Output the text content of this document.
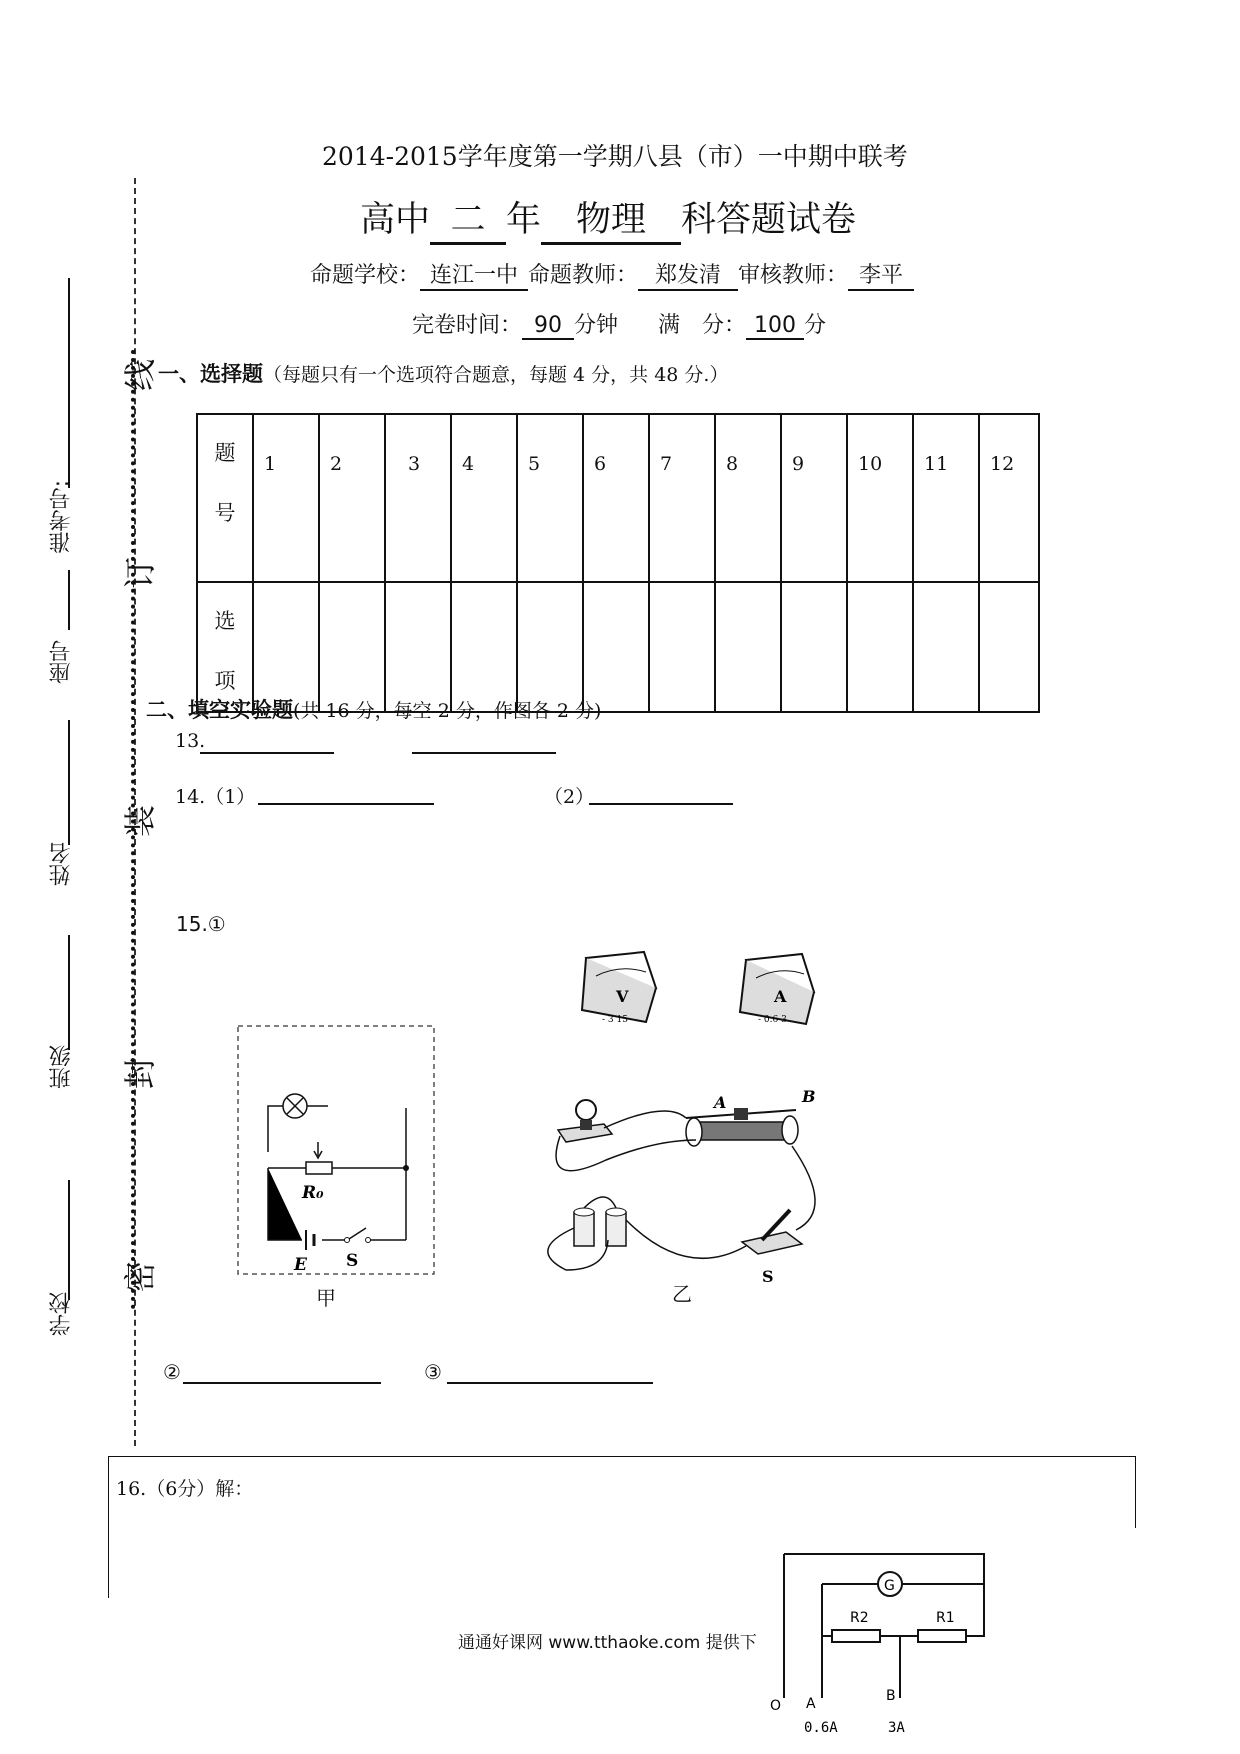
2014-2015学年度第一学期八县（市）一中期中联考
高中 二 年 物理 科答题试卷
命题学校： 连江一中 命题教师： 郑发清 审核教师： 李平
完卷时间： 90 分钟 满　分： 100 分
学校
班级
姓名
座号
准考号:
线
订
装
封
密
一、选择题（每题只有一个选项符合题意，每题 4 分，共 48 分.）
题
号	1	2	3	4	5	6	7	8	9	10	11	12

选
项												

二、填空实验题(共 16 分，每空 2 分，作图各 2 分)
13.
14.（1）	（2）
15.①
R₀
E S
甲
V
- 3 15
A
- 0.6 3
A	B
S
乙
②	③
16.（6分）解：
通通好课网 www.tthaoke.com 提供下
G
R2	R1
O A	B
0.6A	3A
